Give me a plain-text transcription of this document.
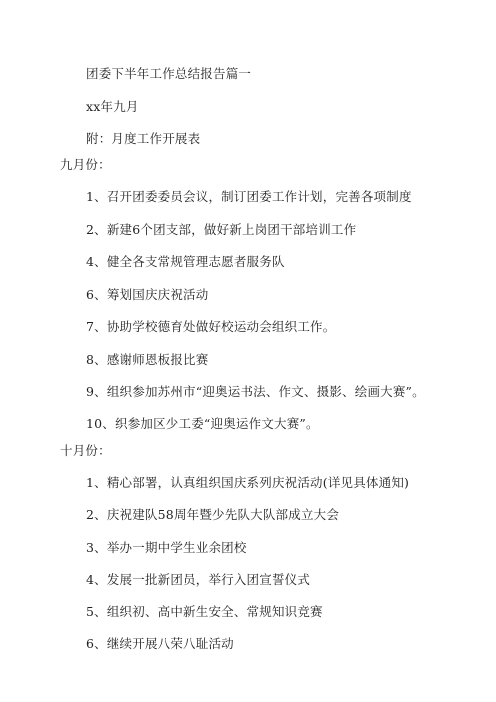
团委下半年工作总结报告篇一
xx年九月
附：月度工作开展表
九月份：
1、召开团委委员会议，制订团委工作计划，完善各项制度
2、新建6个团支部，做好新上岗团干部培训工作
4、健全各支常规管理志愿者服务队
6、筹划国庆庆祝活动
7、协助学校德育处做好校运动会组织工作。
8、感谢师恩板报比赛
9、组织参加苏州市“迎奥运书法、作文、摄影、绘画大赛”。
10、织参加区少工委“迎奥运作文大赛”。
十月份：
1、精心部署，认真组织国庆系列庆祝活动(详见具体通知)
2、庆祝建队58周年暨少先队大队部成立大会
3、举办一期中学生业余团校
4、发展一批新团员，举行入团宣誓仪式
5、组织初、高中新生安全、常规知识竞赛
6、继续开展八荣八耻活动
